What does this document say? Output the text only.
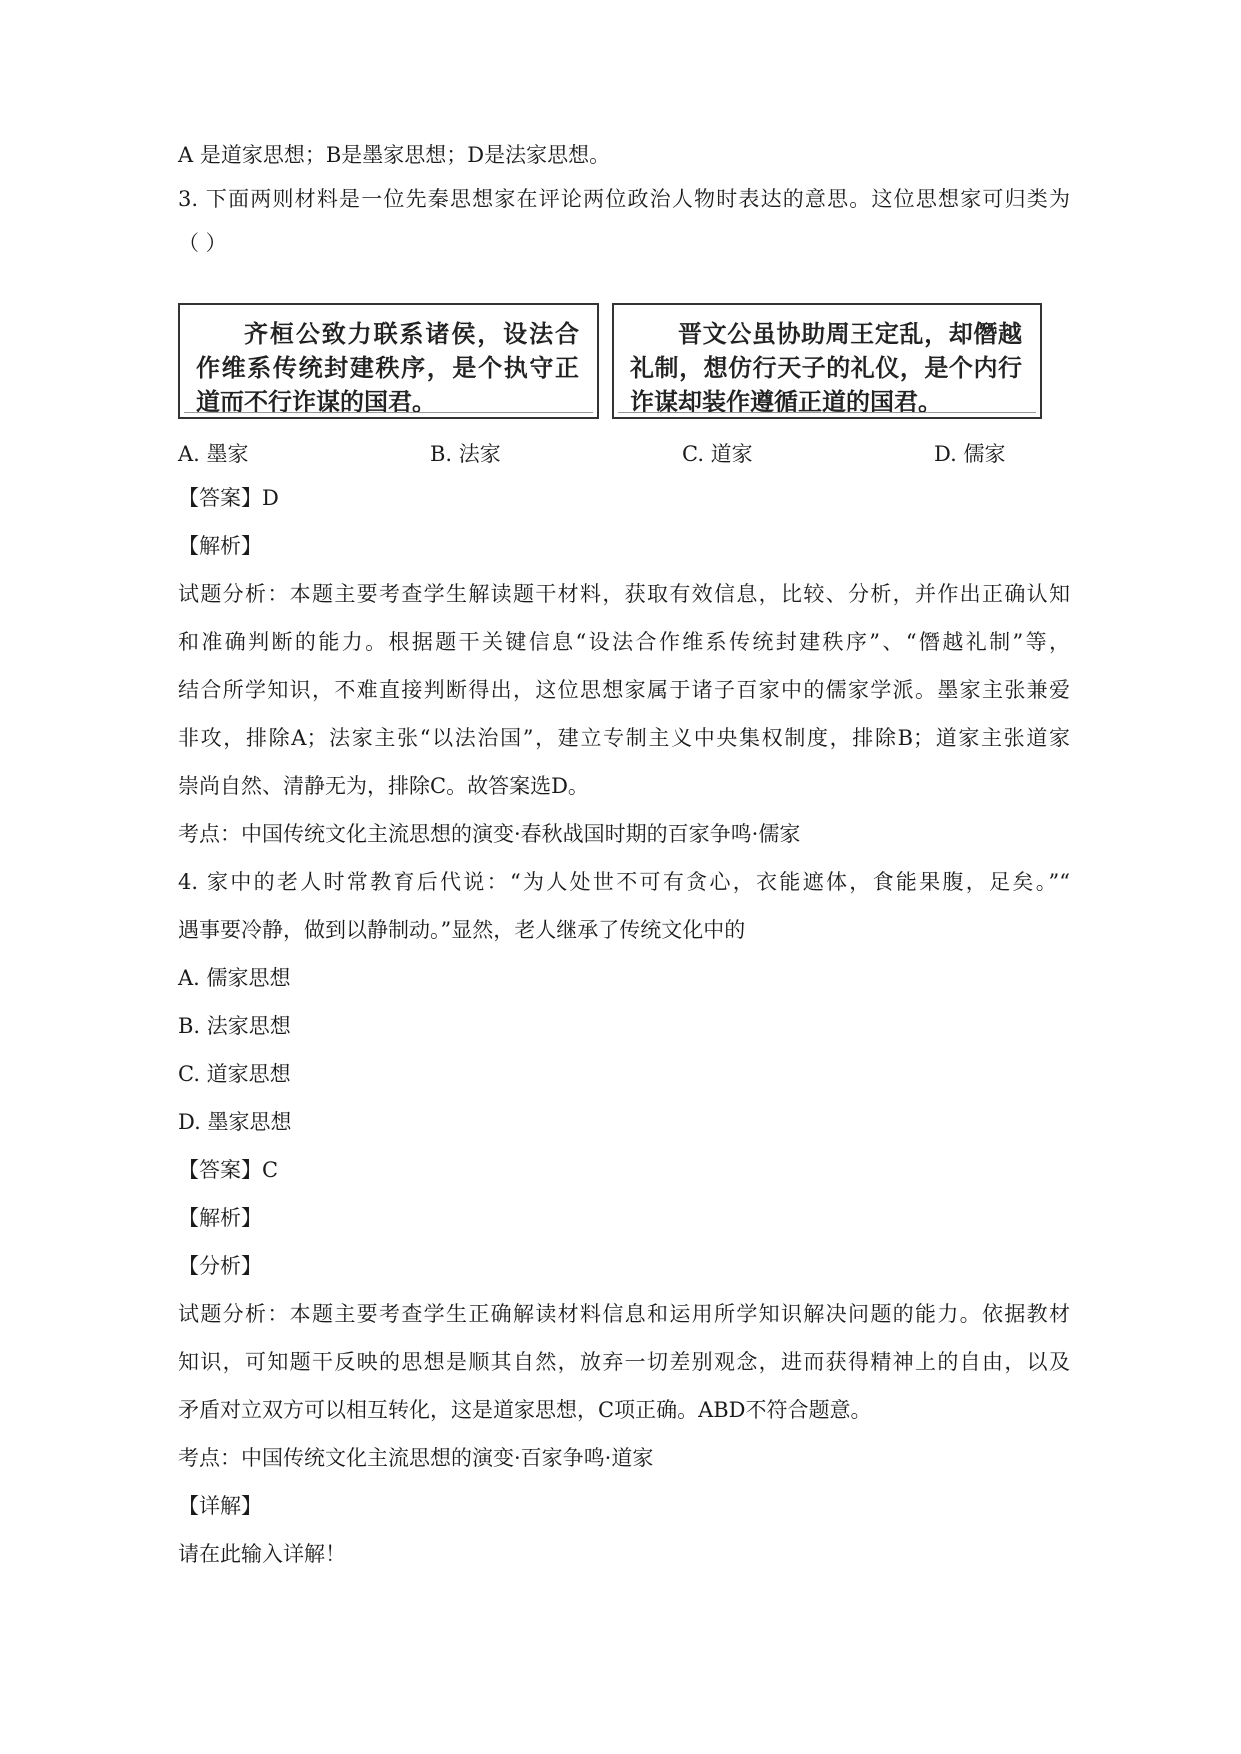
A 是道家思想；B是墨家思想；D是法家思想。
3. 下面两则材料是一位先秦思想家在评论两位政治人物时表达的意思。这位思想家可归类为
（ ）
齐桓公致力联系诸侯，设法合作维系传统封建秩序，是个执守正道而不行诈谋的国君。
晋文公虽协助周王定乱，却僭越礼制，想仿行天子的礼仪，是个内行诈谋却装作遵循正道的国君。
A. 墨家	B. 法家	C. 道家	D. 儒家
【答案】D
【解析】
试题分析：本题主要考查学生解读题干材料，获取有效信息，比较、分析，并作出正确认知
和准确判断的能力。根据题干关键信息“设法合作维系传统封建秩序”、“僭越礼制”等，
结合所学知识，不难直接判断得出，这位思想家属于诸子百家中的儒家学派。墨家主张兼爱
非攻，排除A；法家主张“以法治国”，建立专制主义中央集权制度，排除B；道家主张道家
崇尚自然、清静无为，排除C。故答案选D。
考点：中国传统文化主流思想的演变·春秋战国时期的百家争鸣·儒家
4. 家中的老人时常教育后代说：“为人处世不可有贪心，衣能遮体，食能果腹，足矣。”“
遇事要冷静，做到以静制动。”显然，老人继承了传统文化中的
A. 儒家思想
B. 法家思想
C. 道家思想
D. 墨家思想
【答案】C
【解析】
【分析】
试题分析：本题主要考查学生正确解读材料信息和运用所学知识解决问题的能力。依据教材
知识，可知题干反映的思想是顺其自然，放弃一切差别观念，进而获得精神上的自由，以及
矛盾对立双方可以相互转化，这是道家思想，C项正确。ABD不符合题意。
考点：中国传统文化主流思想的演变·百家争鸣·道家
【详解】
请在此输入详解！
